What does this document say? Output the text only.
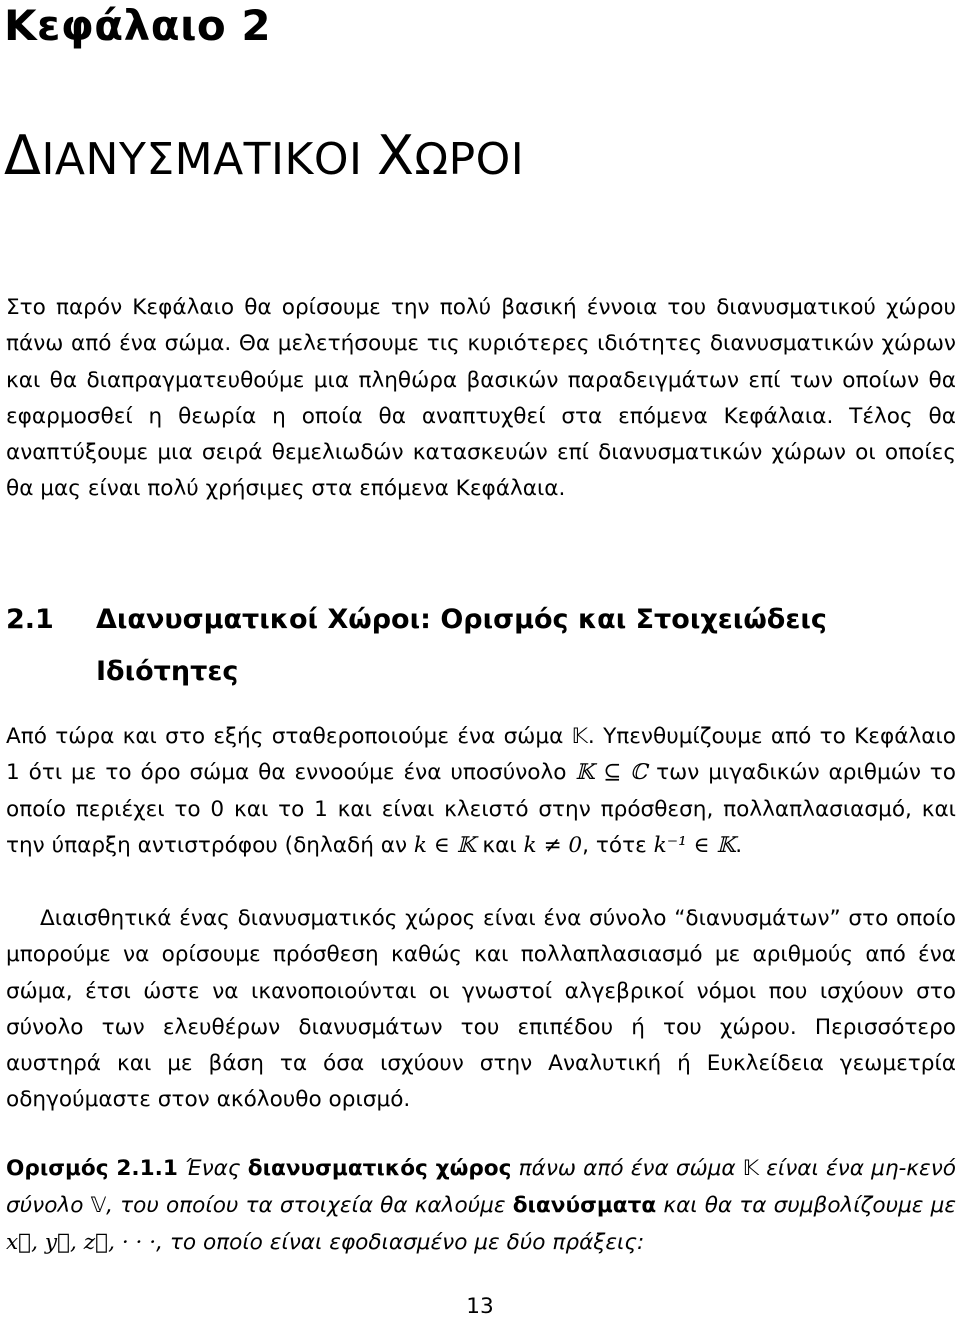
Κεφάλαιο 2
ΔΙΑΝΥΣΜΑΤΙΚΟΙ ΧΩΡΟΙ
Στο παρόν Κεφάλαιο θα ορίσουμε την πολύ βασική έννοια του διανυσματικού χώρου πάνω από ένα σώμα. Θα μελετήσουμε τις κυριότερες ιδιότητες διανυσματικών χώρων και θα διαπραγματευθούμε μια πληθώρα βασικών παραδειγμάτων επί των οποίων θα εφαρμοσθεί η θεωρία η οποία θα αναπτυχθεί στα επόμενα Κεφάλαια. Τέλος θα αναπτύξουμε μια σειρά θεμελιωδών κατασκευών επί διανυσματικών χώρων οι οποίες θα μας είναι πολύ χρήσιμες στα επόμενα Κεφάλαια.
2.1 Διανυσματικοί Χώροι: Ορισμός και Στοιχειώδεις
Ιδιότητες
Από τώρα και στο εξής σταθεροποιούμε ένα σώμα 𝕂. Υπενθυμίζουμε από το Κεφάλαιο 1 ότι με το όρο σώμα θα εννοούμε ένα υποσύνολο 𝕂 ⊆ ℂ των μιγαδικών αριθμών το οποίο περιέχει το 0 και το 1 και είναι κλειστό στην πρόσθεση, πολλαπλασιασμό, και την ύπαρξη αντιστρόφου (δηλαδή αν k ∈ 𝕂 και k ≠ 0, τότε k⁻¹ ∈ 𝕂.
Διαισθητικά ένας διανυσματικός χώρος είναι ένα σύνολο “διανυσμάτων” στο οποίο μπορούμε να ορίσουμε πρόσθεση καθώς και πολλαπλασιασμό με αριθμούς από ένα σώμα, έτσι ώστε να ικανοποιούνται οι γνωστοί αλγεβρικοί νόμοι που ισχύουν στο σύνολο των ελευθέρων διανυσμάτων του επιπέδου ή του χώρου. Περισσότερο αυστηρά και με βάση τα όσα ισχύουν στην Αναλυτική ή Ευκλείδεια γεωμετρία οδηγούμαστε στον ακόλουθο ορισμό.
Ορισμός 2.1.1 Ένας διανυσματικός χώρος πάνω από ένα σώμα 𝕂 είναι ένα μη-κενό σύνολο 𝕍, του οποίου τα στοιχεία θα καλούμε διανύσματα και θα τα συμβολίζουμε με x⃗, y⃗, z⃗, · · ·, το οποίο είναι εφοδιασμένο με δύο πράξεις:
13
